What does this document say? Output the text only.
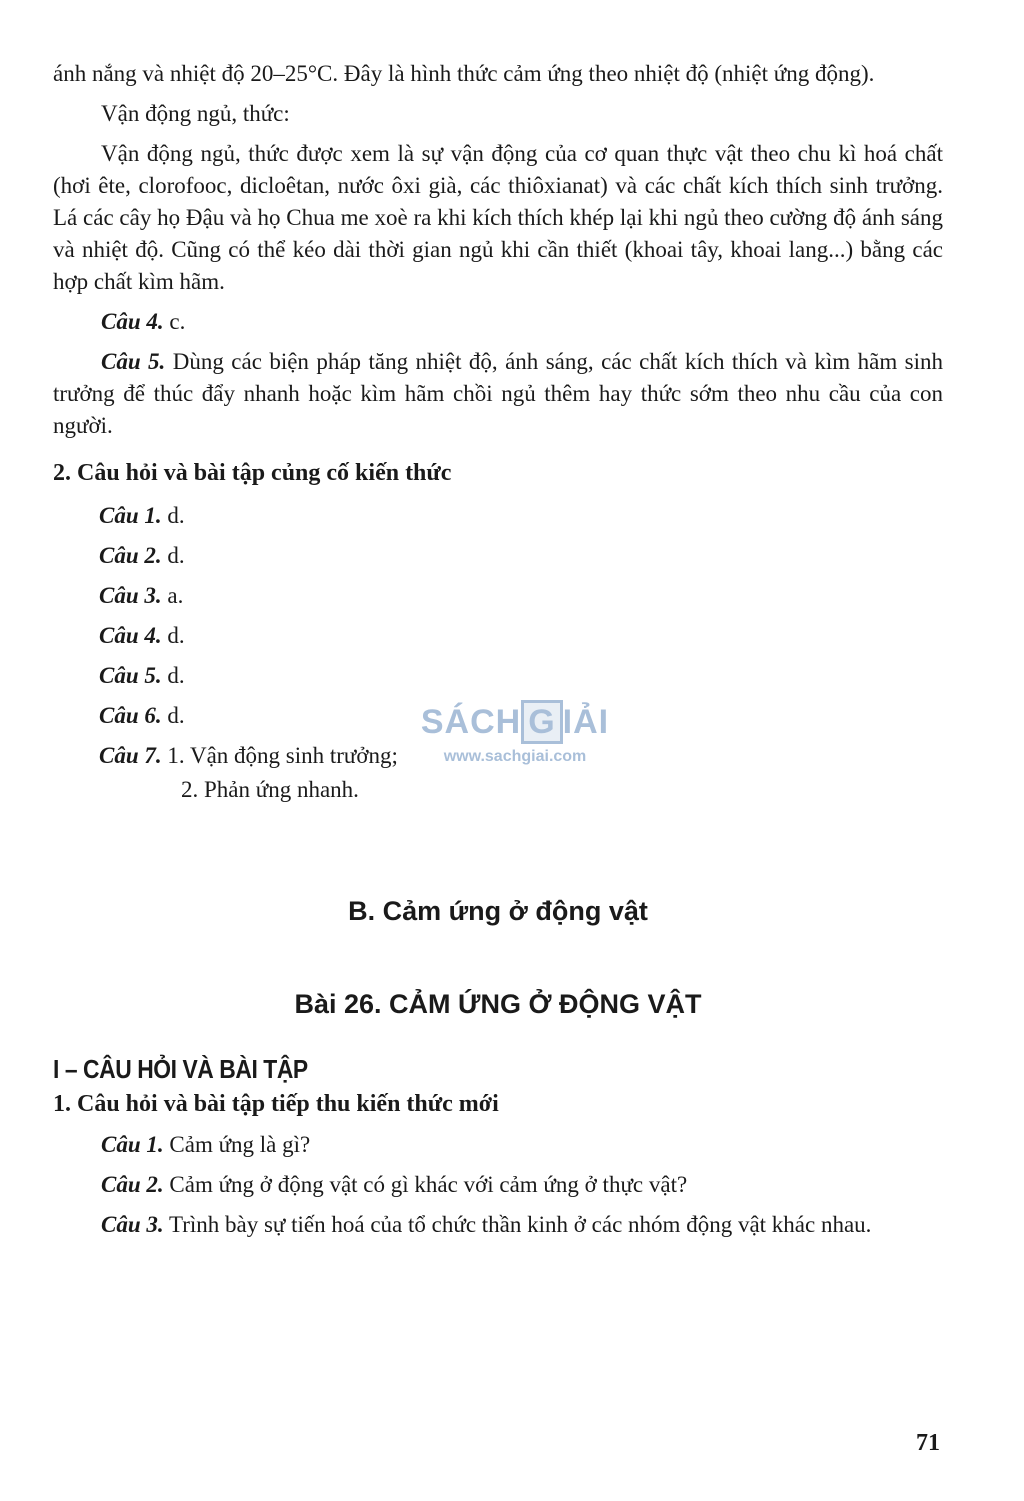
ánh nắng và nhiệt độ 20–25°C. Đây là hình thức cảm ứng theo nhiệt độ (nhiệt ứng động).

Vận động ngủ, thức:

Vận động ngủ, thức được xem là sự vận động của cơ quan thực vật theo chu kì hoá chất (hơi ête, clorofooc, dicloêtan, nước ôxi già, các thiôxianat) và các chất kích thích sinh trưởng. Lá các cây họ Đậu và họ Chua me xoè ra khi kích thích khép lại khi ngủ theo cường độ ánh sáng và nhiệt độ. Cũng có thể kéo dài thời gian ngủ khi cần thiết (khoai tây, khoai lang...) bằng các hợp chất kìm hãm.

Câu 4. c.

Câu 5. Dùng các biện pháp tăng nhiệt độ, ánh sáng, các chất kích thích và kìm hãm sinh trưởng để thúc đẩy nhanh hoặc kìm hãm chồi ngủ thêm hay thức sớm theo nhu cầu của con người.

2. Câu hỏi và bài tập củng cố kiến thức
Câu 1. d.
Câu 2. d.
Câu 3. a.
Câu 4. d.
Câu 5. d.
Câu 6. d.
Câu 7. 1. Vận động sinh trưởng;
2. Phản ứng nhanh.
B. Cảm ứng ở động vật
Bài 26. CẢM ỨNG Ở ĐỘNG VẬT
I – CÂU HỎI VÀ BÀI TẬP
1. Câu hỏi và bài tập tiếp thu kiến thức mới

Câu 1. Cảm ứng là gì?

Câu 2. Cảm ứng ở động vật có gì khác với cảm ứng ở thực vật?

Câu 3. Trình bày sự tiến hoá của tổ chức thần kinh ở các nhóm động vật khác nhau.

SÁCH G IẢI
www.sachgiai.com
71
